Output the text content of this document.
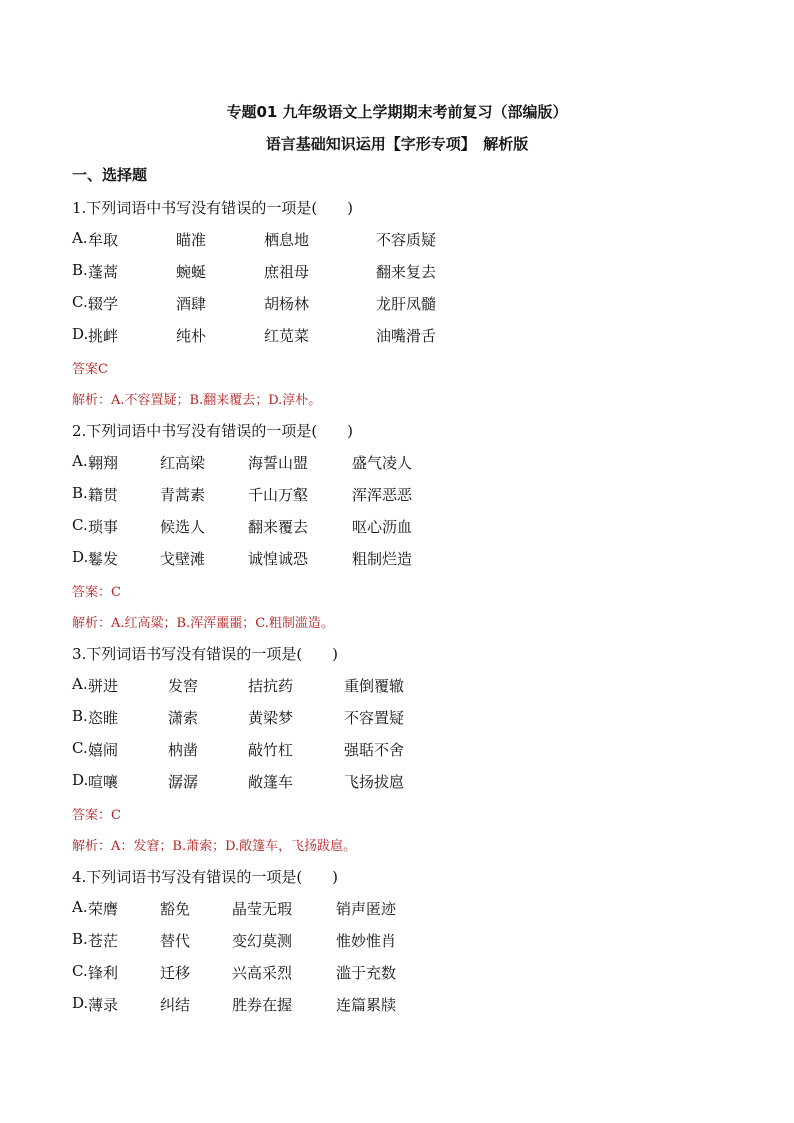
专题01 九年级语文上学期期末考前复习（部编版）
语言基础知识运用【字形专项】　解析版
一、选择题
1.下列词语中书写没有错误的一项是(　　)
A. 牟取	瞄准	栖息地	不容质疑
B. 蓬蒿	蜿蜒	庶祖母	翻来复去
C. 辍学	酒肆	胡杨林	龙肝凤髓
D. 挑衅	纯朴	红苋菜	油嘴滑舌
答案C
解析：A.不容置疑；B.翻来覆去；D.淳朴。
2.下列词语中书写没有错误的一项是(　　)
A. 翱翔	红高梁	海誓山盟	盛气凌人
B. 籍贯	青蒿素	千山万壑	浑浑恶恶
C. 琐事	候选人	翻来覆去	呕心沥血
D. 鬈发	戈壁滩	诚惶诚恐	粗制烂造
答案：C
解析：A.红高粱；B.浑浑噩噩；C.粗制滥造。
3.下列词语书写没有错误的一项是(　　)
A. 骈进	发窖	拮抗药	重倒覆辙
B. 恣睢	潇索	黄梁梦	不容置疑
C. 嬉闹	枘凿	敲竹杠	强聒不舍
D. 喧嚷	潺潺	敞篷车	飞扬拔扈
答案：C
解析：A：发窘；B.萧索；D.敞篷车，飞扬跋扈。
4.下列词语书写没有错误的一项是(　　)
A. 荣膺	豁免	晶莹无瑕	销声匿迹
B. 苍茫	替代	变幻莫测	惟妙惟肖
C. 锋利	迁移	兴高采烈	滥于充数
D. 薄录	纠结	胜券在握	连篇累牍
